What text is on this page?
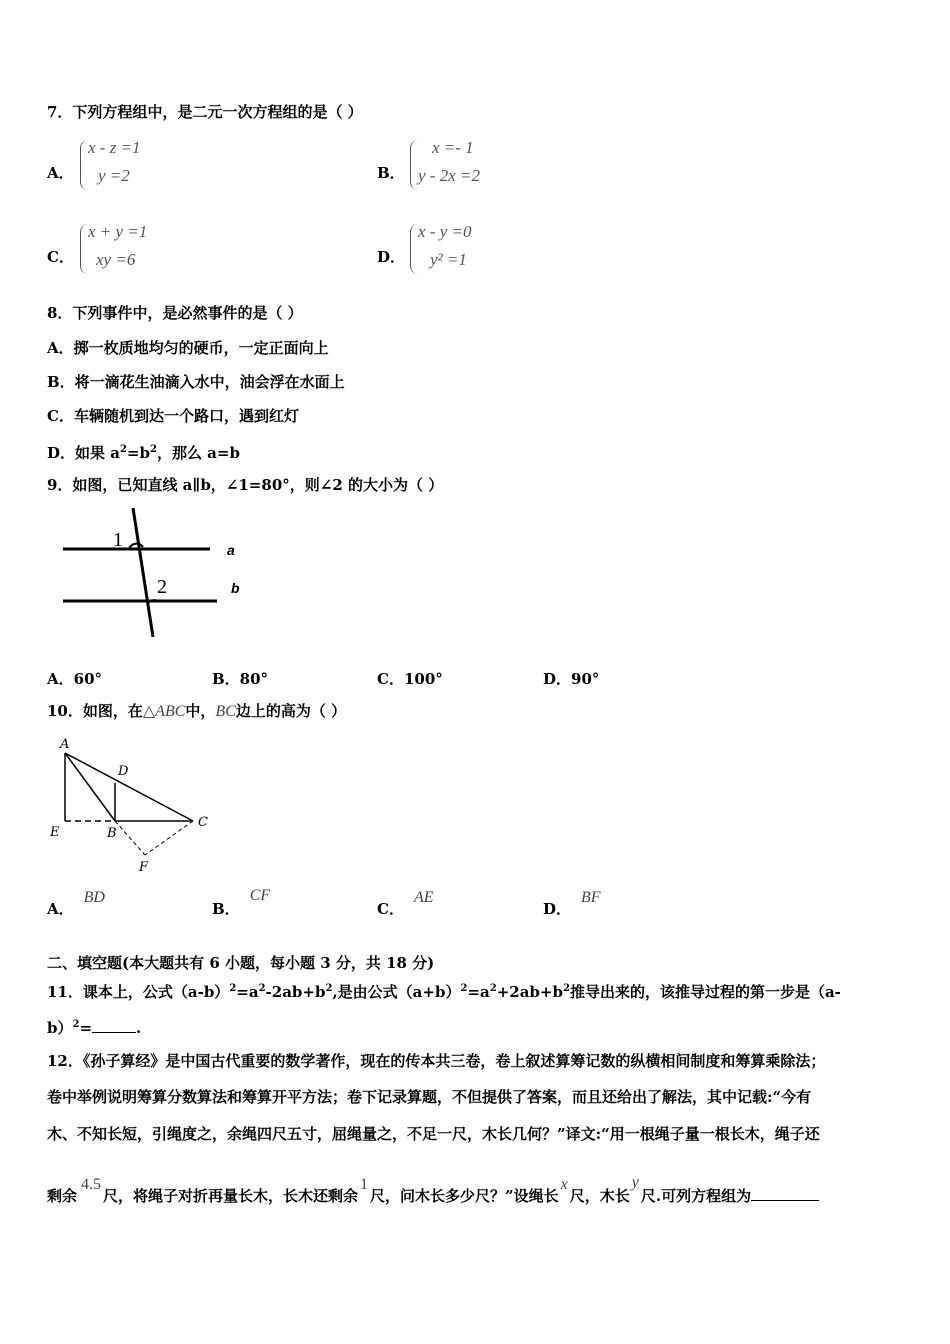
7．下列方程组中，是二元一次方程组的是（ ）
A．
x - z =1
y =2	B．
x =- 1
y - 2x =2
C．
x + y =1
xy =6	D．
x - y =0
y² =1
8．下列事件中，是必然事件的是（ ）
A．掷一枚质地均匀的硬币，一定正面向上
B．将一滴花生油滴入水中，油会浮在水面上
C．车辆随机到达一个路口，遇到红灯
D．如果 $a^2=b^2$，那么 a=b
9．如图，已知直线 a∥b，∠1=80°，则∠2 的大小为（ ）
1
2
a
b
A．60°	B．80°	C．100°	D．90°
10．如图，在△ABC中，BC边上的高为（ ）
A
D
E	B
C
F
A．BD
B．CF
C．AE
D．BF
二、填空题(本大题共有 6 小题，每小题 3 分，共 18 分)
11．课本上，公式$(a-b)^2=a^2-2ab+b^2$,是由公式$(a+b)^2=a^2+2ab+b^2$推导出来的，该推导过程的第一步是（a-
b）$^2$=	.
12．《孙子算经》是中国古代重要的数学著作，现在的传本共三卷，卷上叙述算筹记数的纵横相间制度和筹算乘除法；
卷中举例说明筹算分数算法和筹算开平方法；卷下记录算题，不但提供了答案，而且还给出了解法，其中记载:“今有
木、不知长短，引绳度之，余绳四尺五寸，屈绳量之，不足一尺，木长几何？”译文:“用一根绳子量一根长木，绳子还
剩余4.5尺，将绳子对折再量长木，长木还剩余1尺，问木长多少尺？”设绳长x尺，木长y尺.可列方程组为
